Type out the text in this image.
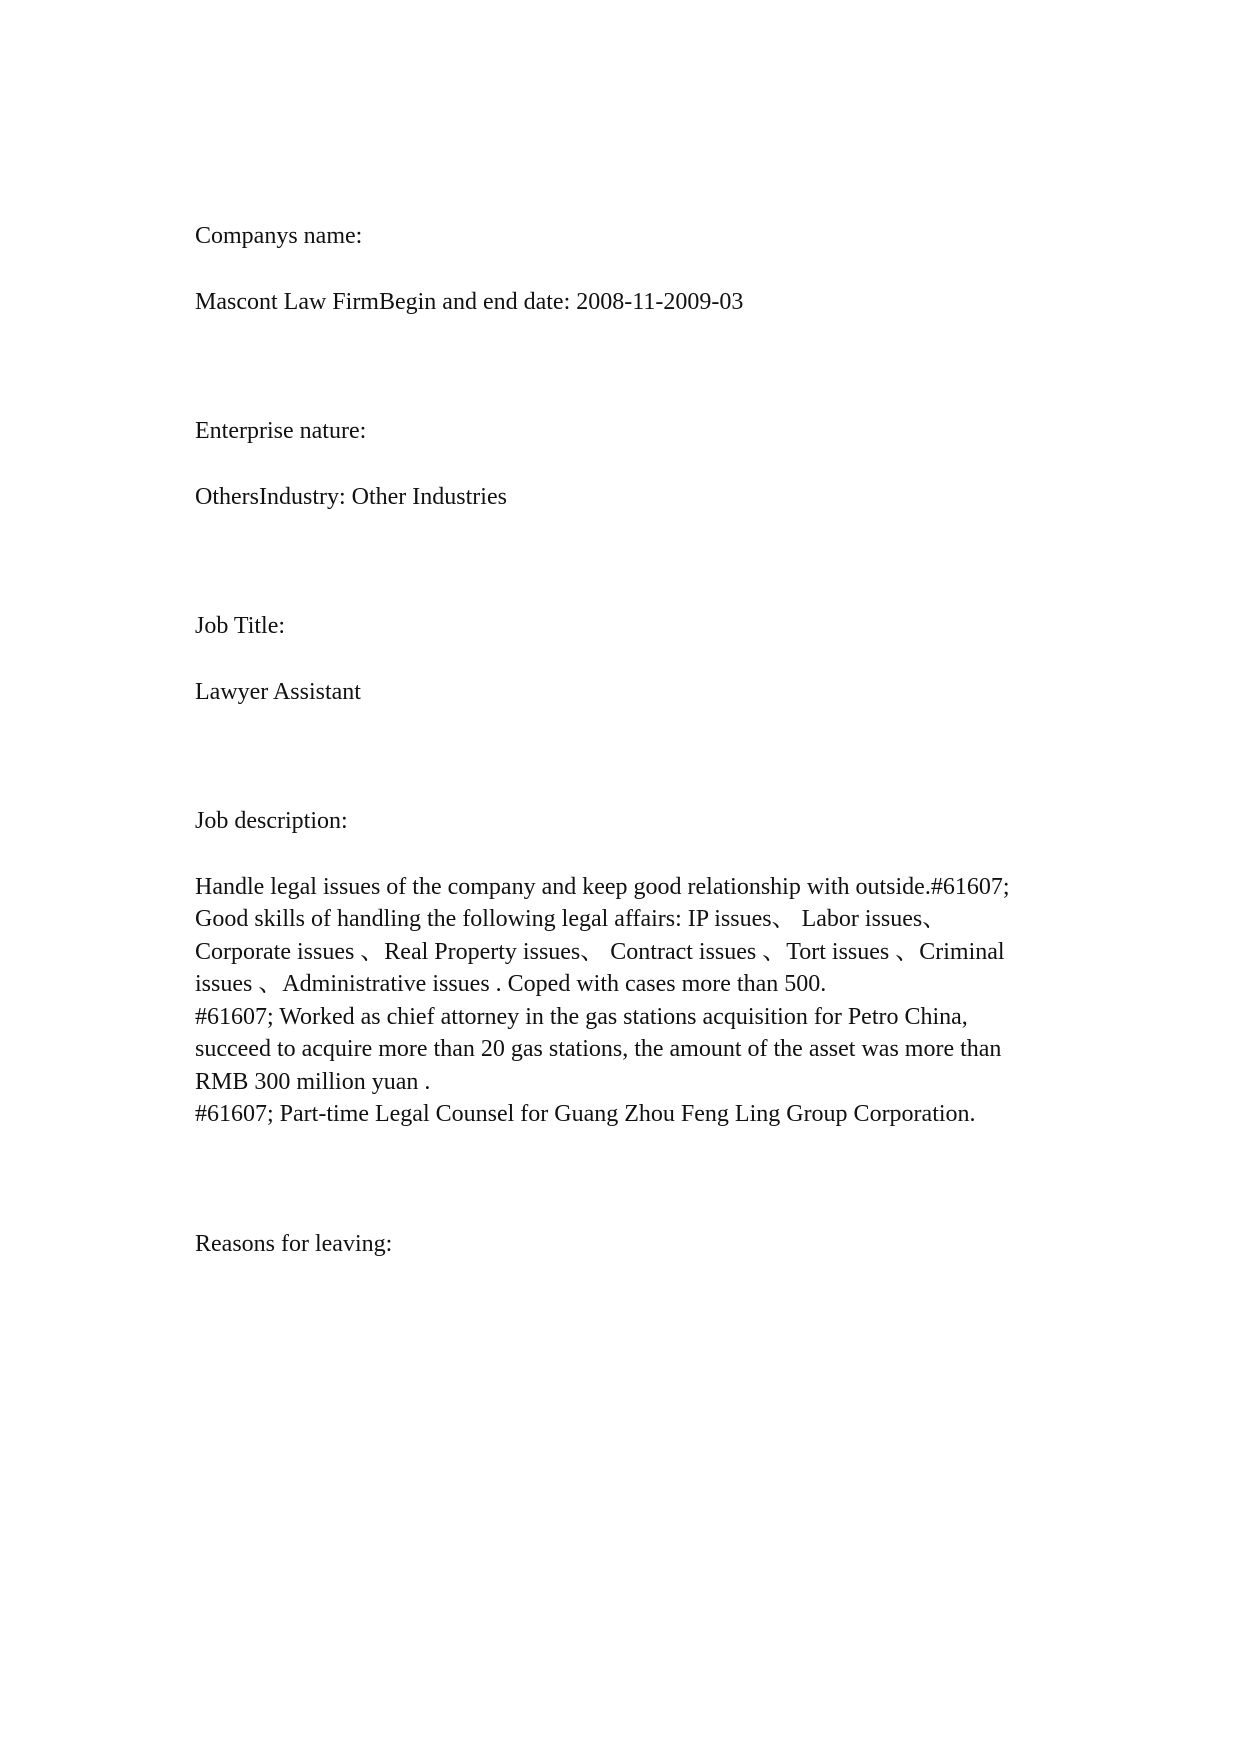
Companys name:

Mascont Law FirmBegin and end date: 2008-11-2009-03

Enterprise nature:

OthersIndustry: Other Industries

Job Title:

Lawyer Assistant

Job description:

Handle legal issues of the company and keep good relationship with outside.#61607;

Good skills of handling the following legal affairs: IP issues、 Labor issues、

Corporate issues 、Real Property issues、 Contract issues 、Tort issues 、Criminal

issues 、Administrative issues . Coped with cases more than 500.

#61607; Worked as chief attorney in the gas stations acquisition for Petro China,

succeed to acquire more than 20 gas stations, the amount of the asset was more than

RMB 300 million yuan .

#61607; Part-time Legal Counsel for Guang Zhou Feng Ling Group Corporation.

Reasons for leaving:
